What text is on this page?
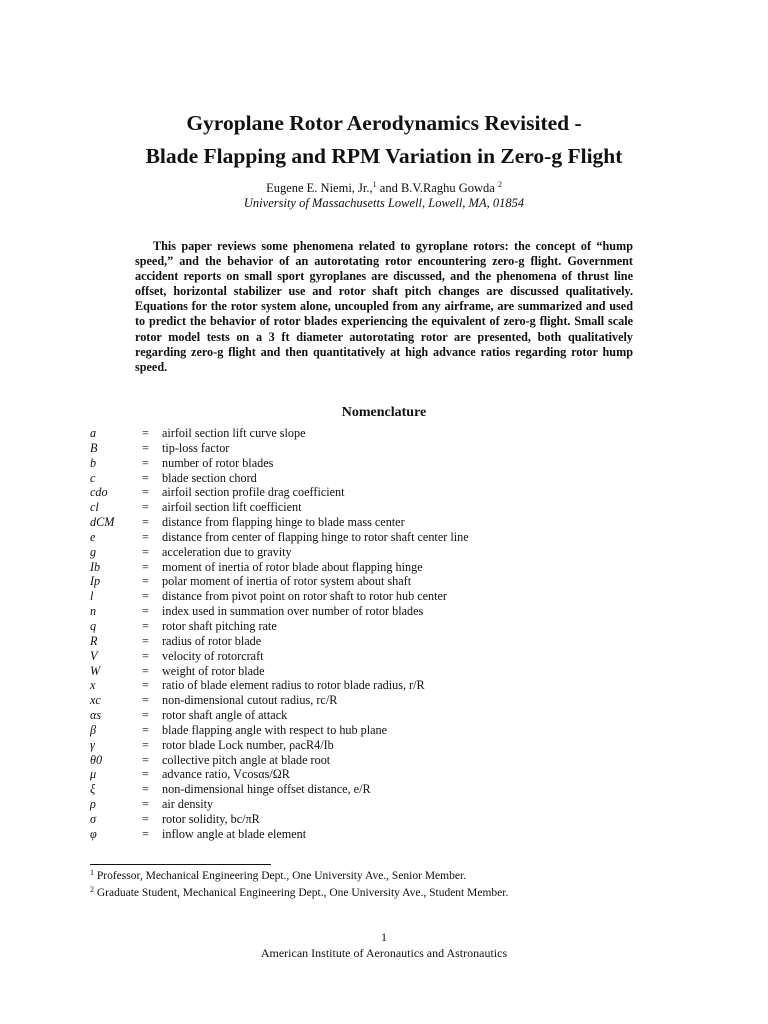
Gyroplane Rotor Aerodynamics Revisited -
Blade Flapping and RPM Variation in Zero-g Flight
Eugene E. Niemi, Jr.,$^1$ and B.V.Raghu Gowda $^2$
University of Massachusetts Lowell, Lowell, MA, 01854
This paper reviews some phenomena related to gyroplane rotors: the concept of “hump speed,” and the behavior of an autorotating rotor encountering zero-g flight. Government accident reports on small sport gyroplanes are discussed, and the phenomena of thrust line offset, horizontal stabilizer use and rotor shaft pitch changes are discussed qualitatively. Equations for the rotor system alone, uncoupled from any airframe, are summarized and used to predict the behavior of rotor blades experiencing the equivalent of zero-g flight. Small scale rotor model tests on a 3 ft diameter autorotating rotor are presented, both qualitatively regarding zero-g flight and then quantitatively at high advance ratios regarding rotor hump speed.
Nomenclature
a	= airfoil section lift curve slope
B	= tip-loss factor
b	= number of rotor blades
c	= blade section chord
cdo	= airfoil section profile drag coefficient
cl	= airfoil section lift coefficient
dCM = distance from flapping hinge to blade mass center
e	= distance from center of flapping hinge to rotor shaft center line
g	= acceleration due to gravity
Ib	= moment of inertia of rotor blade about flapping hinge
Ip	= polar moment of inertia of rotor system about shaft
l	= distance from pivot point on rotor shaft to rotor hub center
n	= index used in summation over number of rotor blades
q	= rotor shaft pitching rate
R	= radius of rotor blade
V	= velocity of rotorcraft
W	= weight of rotor blade
x	= ratio of blade element radius to rotor blade radius, r/R
xc	= non-dimensional cutout radius, rc/R
αs	= rotor shaft angle of attack
β	= blade flapping angle with respect to hub plane
γ	= rotor blade Lock number, ρacR4/Ib
θ0	= collective pitch angle at blade root
μ	= advance ratio, Vcosαs/ΩR
ξ	= non-dimensional hinge offset distance, e/R
ρ	= air density
σ	= rotor solidity, bc/πR
φ	= inflow angle at blade element
$^1$ Professor, Mechanical Engineering Dept., One University Ave., Senior Member.
$^2$ Graduate Student, Mechanical Engineering Dept., One University Ave., Student Member.
1
American Institute of Aeronautics and Astronautics
